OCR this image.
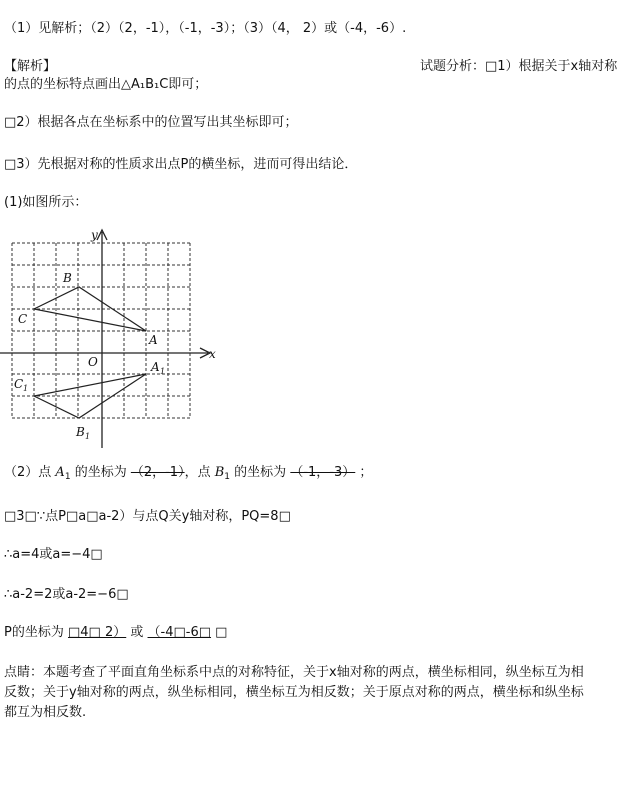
（1）见解析；（2）（2，-1），（-1，-3）；（3）（4， 2）或（-4，-6）.
【解析】	试题分析：□1）根据关于x轴对称
的点的坐标特点画出△A₁B₁C即可；
□2）根据各点在坐标系中的位置写出其坐标即可；
□3）先根据对称的性质求出点P的横坐标，进而可得出结论．
(1)如图所示：
x
y
O
A
B
C
A 1
B 1
C 1
（2）点 $A_1$ 的坐标为 （2，-1），点 $B_1$ 的坐标为 （-1，-3） ；
□3□∵点P□a□a-2）与点Q关y轴对称，PQ=8□
∴a=4或a=−4□
∴a-2=2或a-2=−6□
P的坐标为 □4□ 2） 或 （-4□-6□ □
点睛：本题考查了平面直角坐标系中点的对称特征，关于x轴对称的两点，横坐标相同，纵坐标互为相
反数；关于y轴对称的两点，纵坐标相同，横坐标互为相反数；关于原点对称的两点，横坐标和纵坐标
都互为相反数.
